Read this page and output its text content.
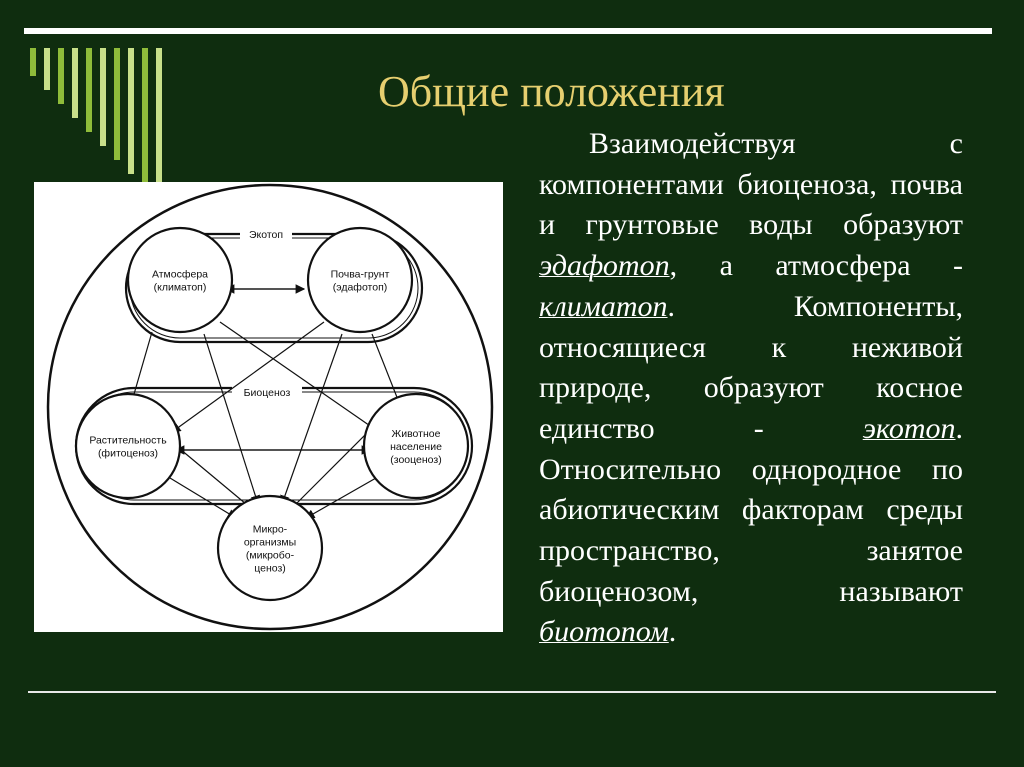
Общие положения
Экотоп
Биоценоз
Атмосфера
(климатоп)
Почва-грунт
(эдафотоп)
Растительность
(фитоценоз)
Животное
население
(зооценоз)
Микро-
организмы
(микробо-
ценоз)
Взаимодействуя с компонентами биоценоза, почва и грунтовые воды образуют эдафотоп, а атмосфера - климатоп. Компоненты, относящиеся к неживой природе, образуют косное единство - экотоп. Относительно однородное по абиотическим факторам среды пространство, занятое биоценозом, называют биотопом.
